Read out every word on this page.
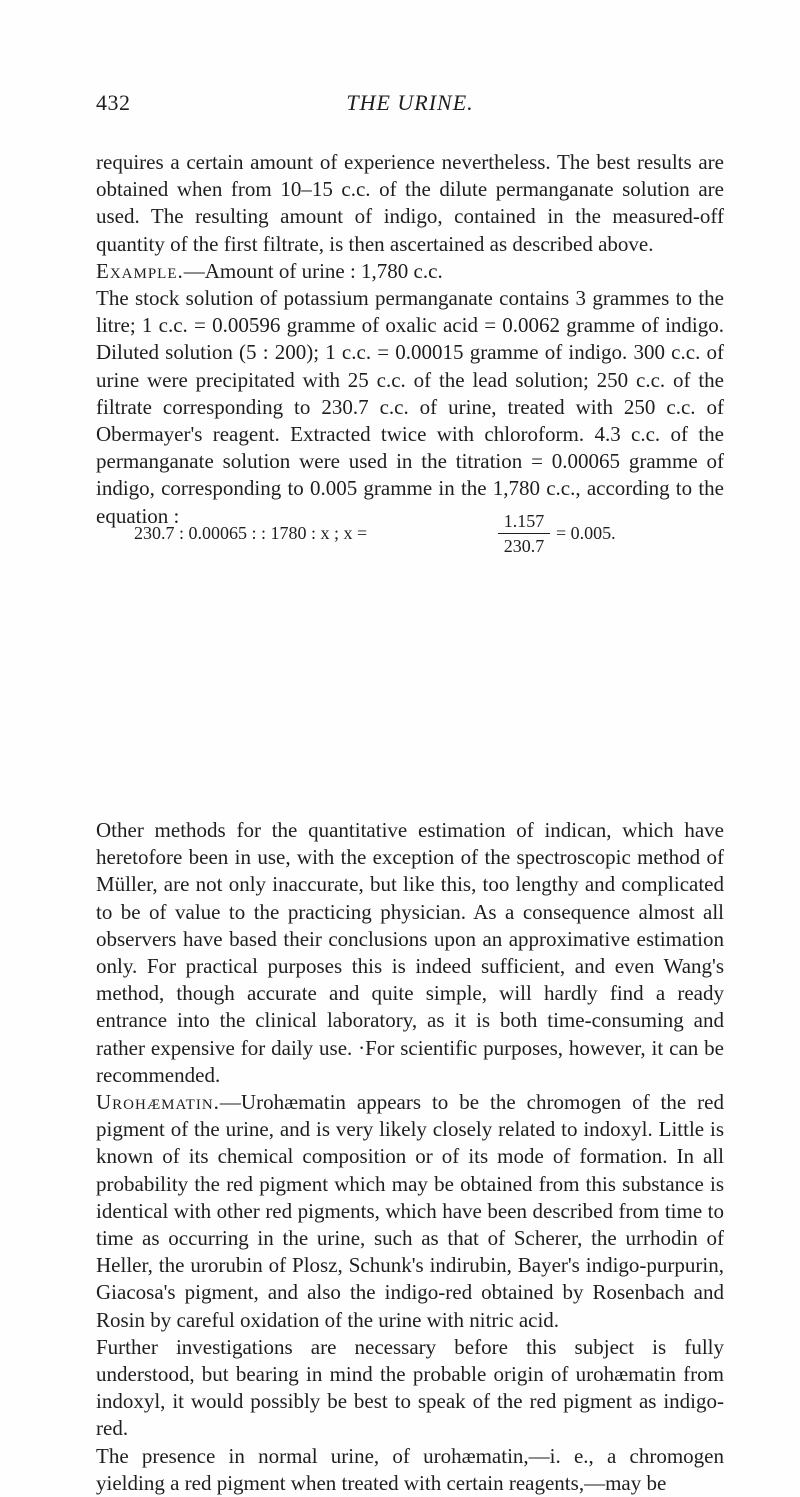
432	THE URINE.

requires a certain amount of experience nevertheless. The best results are obtained when from 10–15 c.c. of the dilute permanganate solution are used. The resulting amount of indigo, contained in the measured-off quantity of the first filtrate, is then ascertained as described above.

Example.—Amount of urine : 1,780 c.c.

The stock solution of potassium permanganate contains 3 grammes to the litre; 1 c.c. = 0.00596 gramme of oxalic acid = 0.0062 gramme of indigo. Diluted solution (5 : 200); 1 c.c. = 0.00015 gramme of indigo. 300 c.c. of urine were precipitated with 25 c.c. of the lead solution; 250 c.c. of the filtrate corresponding to 230.7 c.c. of urine, treated with 250 c.c. of Obermayer's reagent. Extracted twice with chloroform. 4.3 c.c. of the permanganate solution were used in the titration = 0.00065 gramme of indigo, corresponding to 0.005 gramme in the 1,780 c.c., according to the equation :

230.7 : 0.00065 : : 1780 : x ; x =
1.157
230.7
= 0.005.

Other methods for the quantitative estimation of indican, which have heretofore been in use, with the exception of the spectroscopic method of Müller, are not only inaccurate, but like this, too lengthy and complicated to be of value to the practicing physician. As a consequence almost all observers have based their conclusions upon an approximative estimation only. For practical purposes this is indeed sufficient, and even Wang's method, though accurate and quite simple, will hardly find a ready entrance into the clinical laboratory, as it is both time-consuming and rather expensive for daily use. ·For scientific purposes, however, it can be recommended.

Urohæmatin.—Urohæmatin appears to be the chromogen of the red pigment of the urine, and is very likely closely related to indoxyl. Little is known of its chemical composition or of its mode of formation. In all probability the red pigment which may be obtained from this substance is identical with other red pigments, which have been described from time to time as occurring in the urine, such as that of Scherer, the urrhodin of Heller, the urorubin of Plosz, Schunk's indirubin, Bayer's indigo-purpurin, Giacosa's pigment, and also the indigo-red obtained by Rosenbach and Rosin by careful oxidation of the urine with nitric acid.

Further investigations are necessary before this subject is fully understood, but bearing in mind the probable origin of urohæmatin from indoxyl, it would possibly be best to speak of the red pigment as indigo-red.

The presence in normal urine, of urohæmatin,—i. e., a chromogen yielding a red pigment when treated with certain reagents,—may be
